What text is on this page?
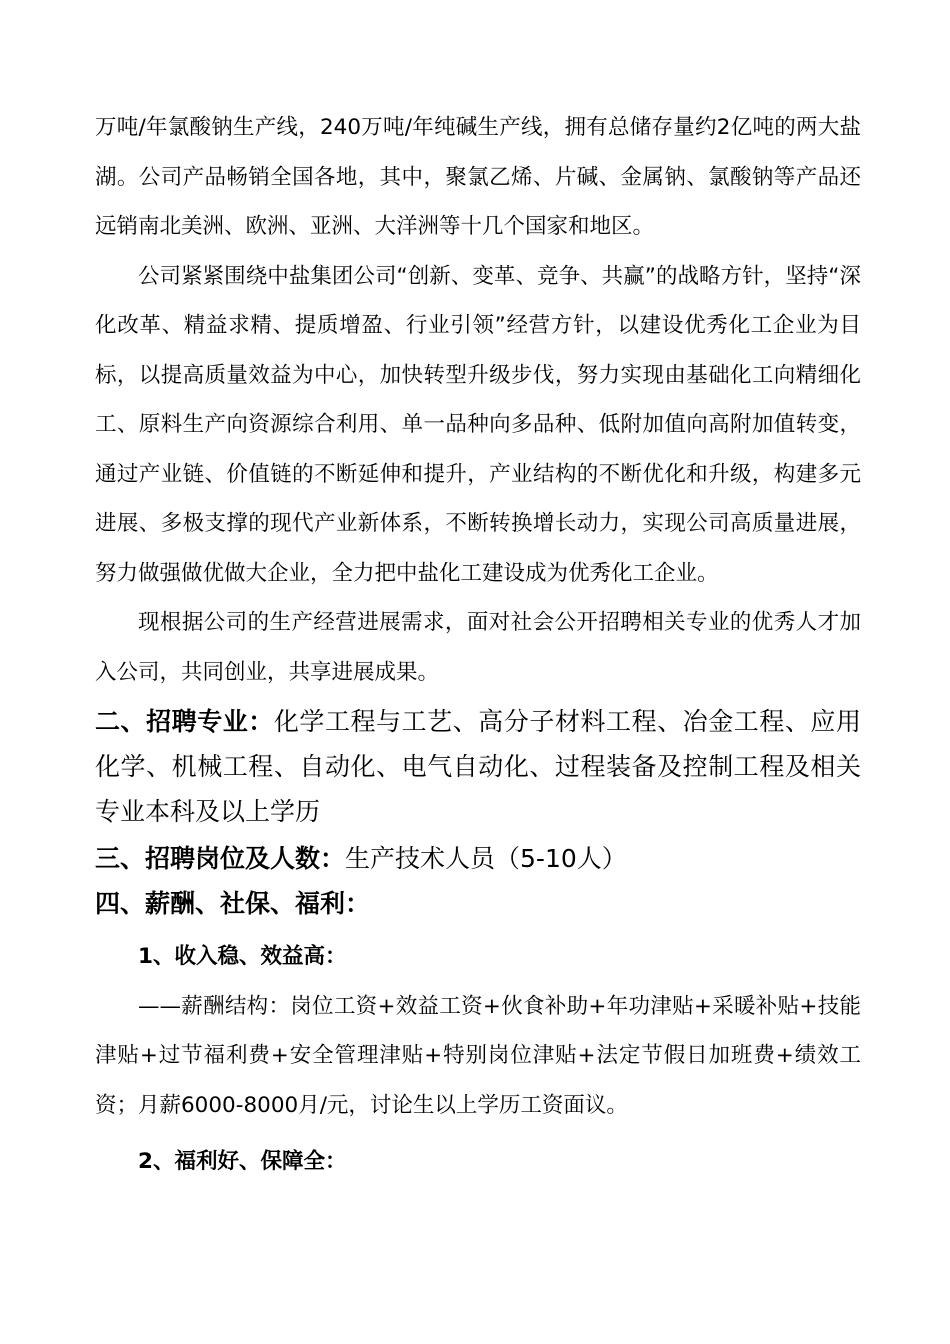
万吨/年氯酸钠生产线，240万吨/年纯碱生产线，拥有总储存量约2亿吨的两大盐湖。公司产品畅销全国各地，其中，聚氯乙烯、片碱、金属钠、氯酸钠等产品还远销南北美洲、欧洲、亚洲、大洋洲等十几个国家和地区。

公司紧紧围绕中盐集团公司“创新、变革、竞争、共赢”的战略方针，坚持“深化改革、精益求精、提质增盈、行业引领”经营方针，以建设优秀化工企业为目标，以提高质量效益为中心，加快转型升级步伐，努力实现由基础化工向精细化工、原料生产向资源综合利用、单一品种向多品种、低附加值向高附加值转变，通过产业链、价值链的不断延伸和提升，产业结构的不断优化和升级，构建多元进展、多极支撑的现代产业新体系，不断转换增长动力，实现公司高质量进展，努力做强做优做大企业，全力把中盐化工建设成为优秀化工企业。

现根据公司的生产经营进展需求，面对社会公开招聘相关专业的优秀人才加入公司，共同创业，共享进展成果。

二、招聘专业：化学工程与工艺、高分子材料工程、冶金工程、应用化学、机械工程、自动化、电气自动化、过程装备及控制工程及相关专业本科及以上学历

三、招聘岗位及人数：生产技术人员（5-10人）

四、薪酬、社保、福利：

1、收入稳、效益高：

——薪酬结构：岗位工资+效益工资+伙食补助+年功津贴+采暖补贴+技能津贴+过节福利费+安全管理津贴+特别岗位津贴+法定节假日加班费+绩效工资；月薪6000-8000月/元，讨论生以上学历工资面议。

2、福利好、保障全：
